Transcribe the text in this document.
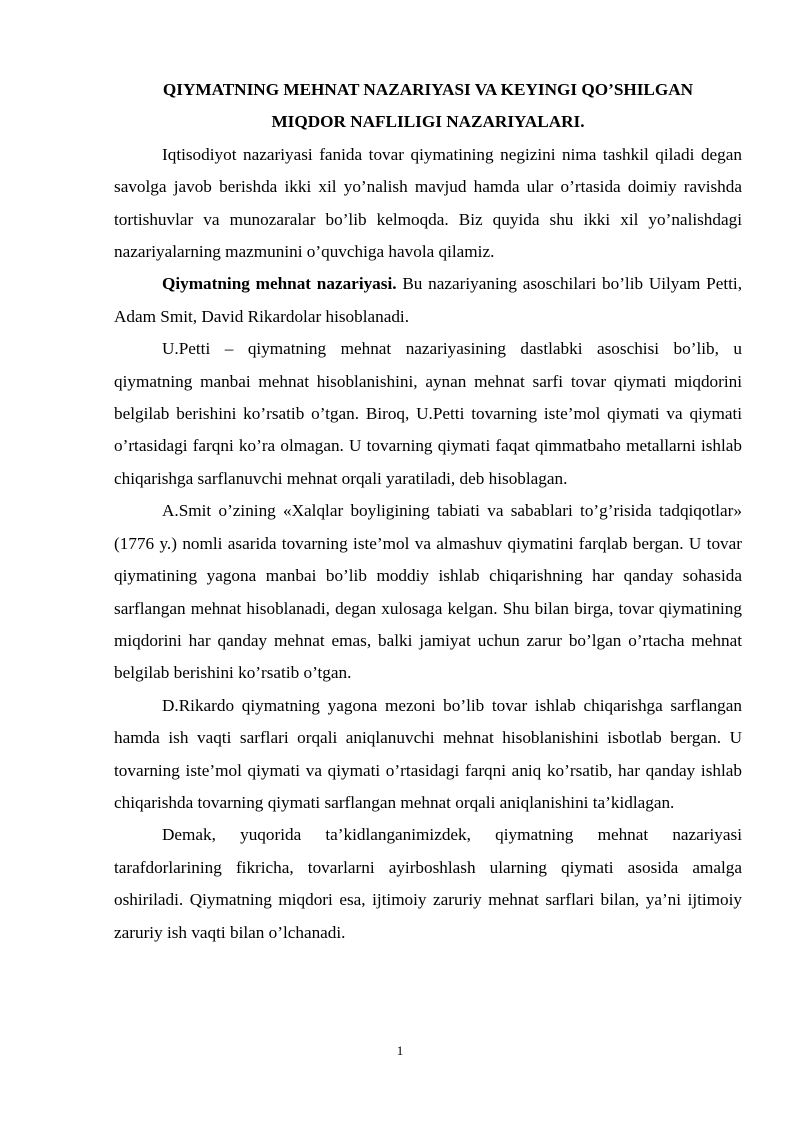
QIYMATNING MEHNAT NAZARIYASI VA KEYINGI QO’SHILGAN
MIQDOR NAFLILIGI NAZARIYALARI.

Iqtisodiyot nazariyasi fanida tovar qiymatining negizini nima tashkil qiladi degan savolga javob berishda ikki xil yo’nalish mavjud hamda ular o’rtasida doimiy ravishda tortishuvlar va munozaralar bo’lib kelmoqda. Biz quyida shu ikki xil yo’nalishdagi nazariyalarning mazmunini o’quvchiga havola qilamiz.

Qiymatning mehnat nazariyasi. Bu nazariyaning asoschilari bo’lib Uilyam Petti, Adam Smit, David Rikardolar hisoblanadi.

U.Petti – qiymatning mehnat nazariyasining dastlabki asoschisi bo’lib, u qiymatning manbai mehnat hisoblanishini, aynan mehnat sarfi tovar qiymati miqdorini belgilab berishini ko’rsatib o’tgan. Biroq, U.Petti tovarning iste’mol qiymati va qiymati o’rtasidagi farqni ko’ra olmagan. U tovarning qiymati faqat qimmatbaho metallarni ishlab chiqarishga sarflanuvchi mehnat orqali yaratiladi, deb hisoblagan.

A.Smit o’zining «Xalqlar boyligining tabiati va sabablari to’g’risida tadqiqotlar» (1776 y.) nomli asarida tovarning iste’mol va almashuv qiymatini farqlab bergan. U tovar qiymatining yagona manbai bo’lib moddiy ishlab chiqarishning har qanday sohasida sarflangan mehnat hisoblanadi, degan xulosaga kelgan. Shu bilan birga, tovar qiymatining miqdorini har qanday mehnat emas, balki jamiyat uchun zarur bo’lgan o’rtacha mehnat belgilab berishini ko’rsatib o’tgan.

D.Rikardo qiymatning yagona mezoni bo’lib tovar ishlab chiqarishga sarflangan hamda ish vaqti sarflari orqali aniqlanuvchi mehnat hisoblanishini isbotlab bergan. U tovarning iste’mol qiymati va qiymati o’rtasidagi farqni aniq ko’rsatib, har qanday ishlab chiqarishda tovarning qiymati sarflangan mehnat orqali aniqlanishini ta’kidlagan.

Demak, yuqorida ta’kidlanganimizdek, qiymatning mehnat nazariyasi tarafdorlarining fikricha, tovarlarni ayirboshlash ularning qiymati asosida amalga oshiriladi. Qiymatning miqdori esa, ijtimoiy zaruriy mehnat sarflari bilan, ya’ni ijtimoiy zaruriy ish vaqti bilan o’lchanadi.

1
